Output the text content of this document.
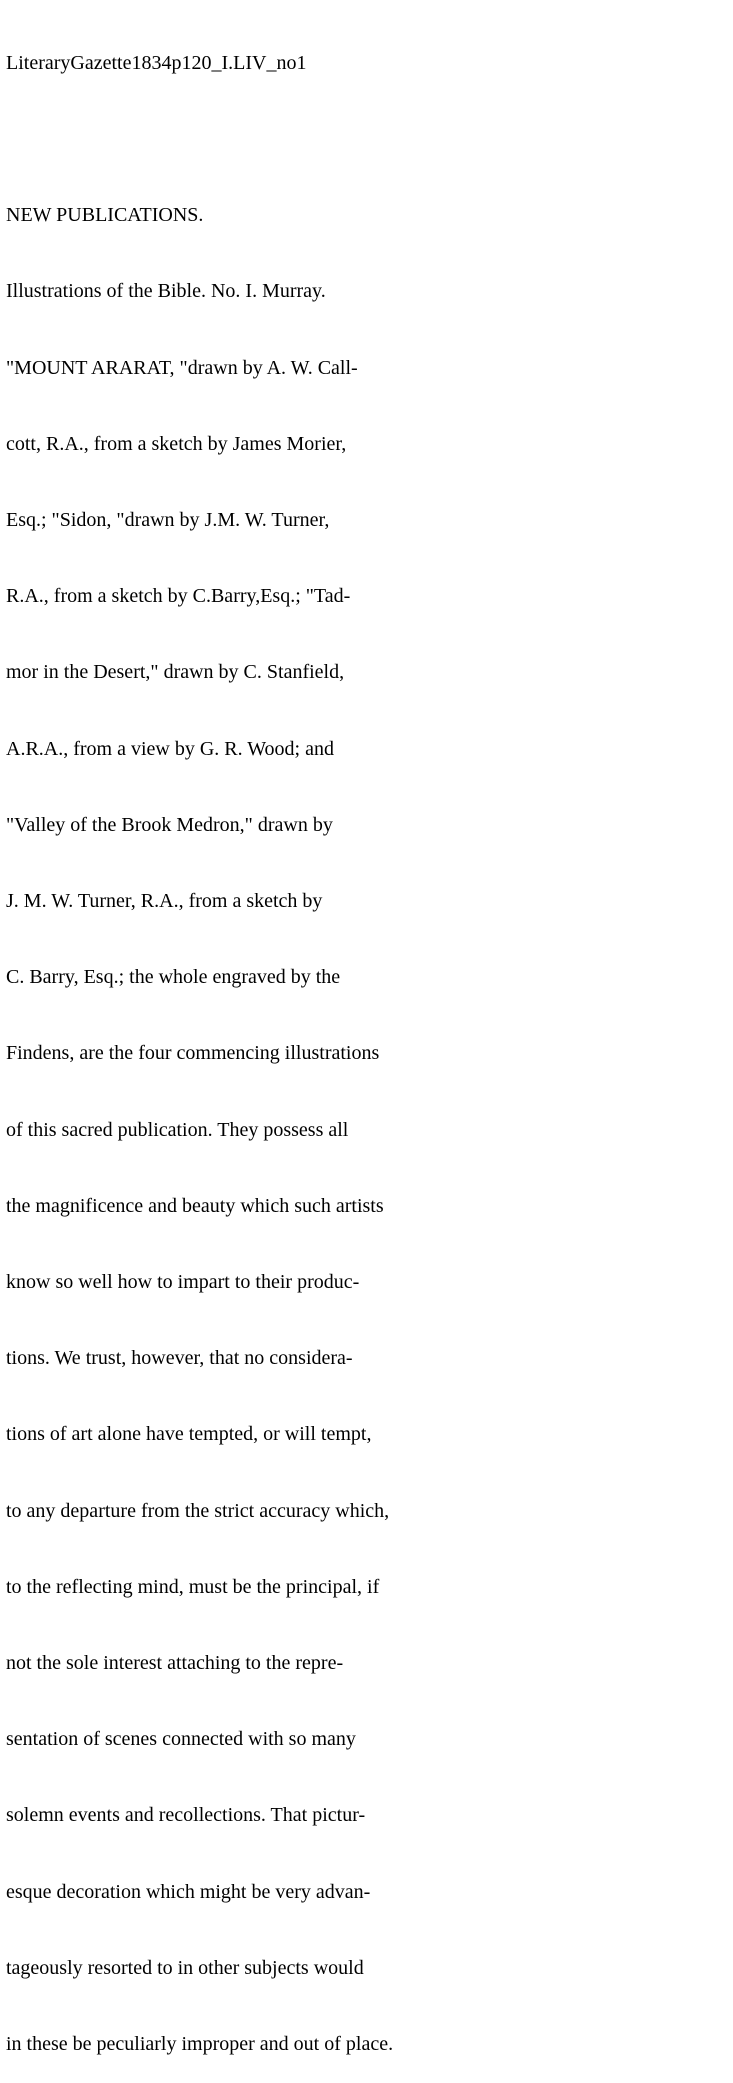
LiteraryGazette1834p120_I.LIV_no1

NEW PUBLICATIONS.

Illustrations of the Bible. No. I. Murray.

"MOUNT ARARAT, "drawn by A. W. Call-

cott, R.A., from a sketch by James Morier,

Esq.; "Sidon, "drawn by J.M. W. Turner,

R.A., from a sketch by C.Barry,Esq.; "Tad-

mor in the Desert," drawn by C. Stanfield,

A.R.A., from a view by G. R. Wood; and

"Valley of the Brook Medron," drawn by

J. M. W. Turner, R.A., from a sketch by

C. Barry, Esq.; the whole engraved by the

Findens, are the four commencing illustrations

of this sacred publication. They possess all

the magnificence and beauty which such artists

know so well how to impart to their produc-

tions. We trust, however, that no considera-

tions of art alone have tempted, or will tempt,

to any departure from the strict accuracy which,

to the reflecting mind, must be the principal, if

not the sole interest attaching to the repre-

sentation of scenes connected with so many

solemn events and recollections. That pictur-

esque decoration which might be very advan-

tageously resorted to in other subjects would

in these be peculiarly improper and out of place.
